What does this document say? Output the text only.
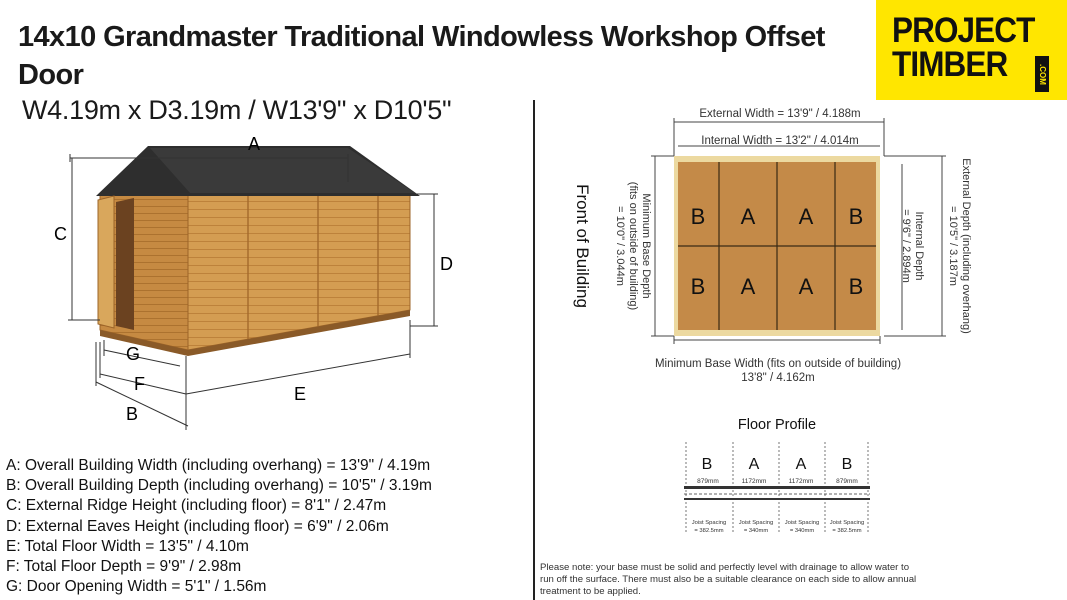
14x10 Grandmaster Traditional Windowless Workshop Offset Door
W4.19m x D3.19m / W13'9" x D10'5"
PROJECT
TIMBER	.COM
A
C
D
G
F	E
B
A: Overall Building Width (including overhang) = 13'9" / 4.19m
B: Overall Building Depth (including overhang) = 10'5" / 3.19m
C: External Ridge Height (including floor) = 8'1" / 2.47m
D: External Eaves Height (including floor) = 6'9" / 2.06m
E: Total Floor Width = 13'5" / 4.10m
F: Total Floor Depth = 9'9" / 2.98m
G: Door Opening Width = 5'1" / 1.56m
B A A B
B A A B
External Width = 13'9" / 4.188m
Internal Width = 13'2" / 4.014m
Minimum Base Width (fits on outside of building)
13'8" / 4.162m
Minimum Base Depth
(fits on outside of building)
= 10'0" / 3.044m	Internal Depth
= 9'6" / 2.894m	External Depth (including overhang)
= 10'5" / 3.187m
Front of Building
Floor Profile
B A A B
879mm	1172mm	1172mm	879mm
Joist Spacing Joist Spacing Joist Spacing Joist Spacing
= 382.5mm	= 340mm	= 340mm	= 382.5mm
Please note: your base must be solid and perfectly level with drainage to allow water to run off the surface. There must also be a suitable clearance on each side to allow annual treatment to be applied.
